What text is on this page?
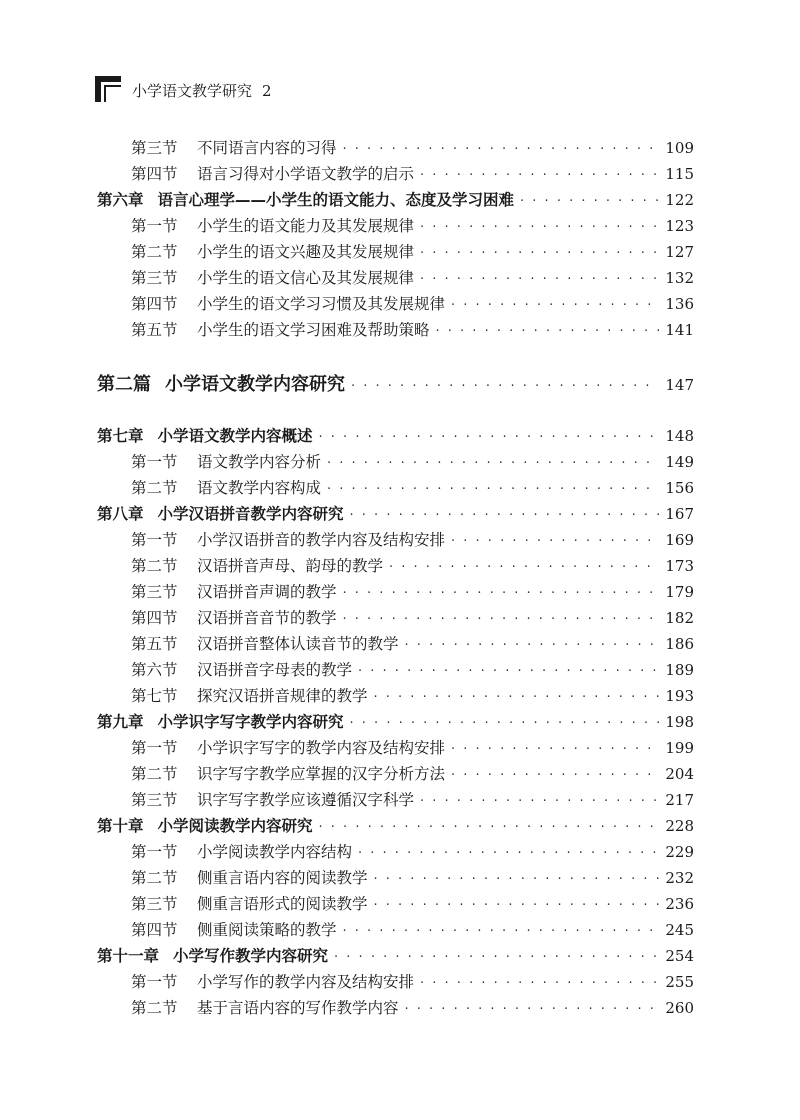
小学语文教学研究 2
第三节	不同语言内容的习得 · · ·	109
第四节	语言习得对小学语文教学的启示 · · ·	115
第六章 语言心理学——小学生的语文能力、态度及学习困难 · · ·	122
第一节	小学生的语文能力及其发展规律 · · ·	123
第二节	小学生的语文兴趣及其发展规律 · · ·	127
第三节	小学生的语文信心及其发展规律 · · ·	132
第四节	小学生的语文学习习惯及其发展规律 · · ·	136
第五节	小学生的语文学习困难及帮助策略 · · ·	141
第二篇 小学语文教学内容研究 · · ·	147
第七章 小学语文教学内容概述 · · ·	148
第一节	语文教学内容分析 · · ·	149
第二节	语文教学内容构成 · · ·	156
第八章 小学汉语拼音教学内容研究 · · ·	167
第一节	小学汉语拼音的教学内容及结构安排 · · ·	169
第二节	汉语拼音声母、韵母的教学 · · ·	173
第三节	汉语拼音声调的教学 · · ·	179
第四节	汉语拼音音节的教学 · · ·	182
第五节	汉语拼音整体认读音节的教学 · · ·	186
第六节	汉语拼音字母表的教学 · · ·	189
第七节	探究汉语拼音规律的教学 · · ·	193
第九章 小学识字写字教学内容研究 · · ·	198
第一节	小学识字写字的教学内容及结构安排 · · ·	199
第二节	识字写字教学应掌握的汉字分析方法 · · ·	204
第三节	识字写字教学应该遵循汉字科学 · · ·	217
第十章 小学阅读教学内容研究 · · ·	228
第一节	小学阅读教学内容结构 · · ·	229
第二节	侧重言语内容的阅读教学 · · ·	232
第三节	侧重言语形式的阅读教学 · · ·	236
第四节	侧重阅读策略的教学 · · ·	245
第十一章 小学写作教学内容研究 · · ·	254
第一节	小学写作的教学内容及结构安排 · · ·	255
第二节	基于言语内容的写作教学内容 · · ·	260
